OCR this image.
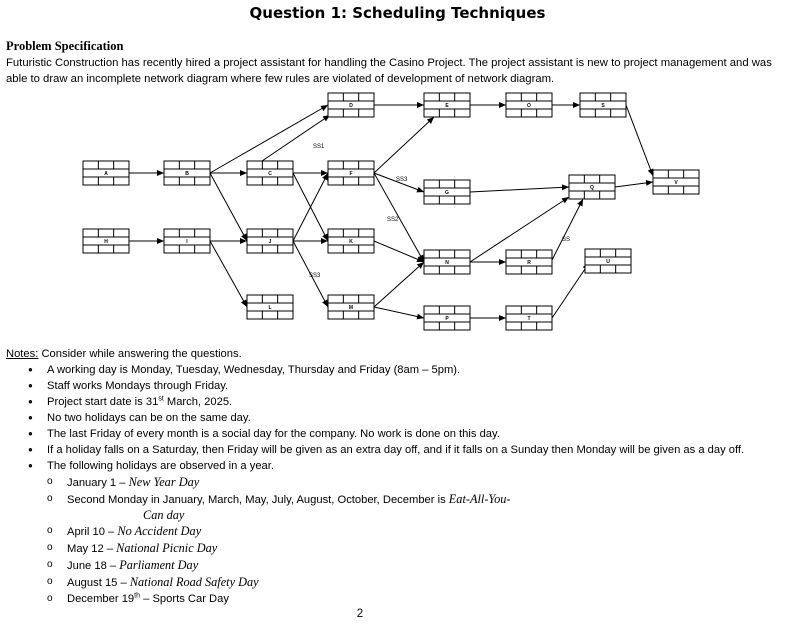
Question 1: Scheduling Techniques
Problem Specification
Futuristic Construction has recently hired a project assistant for handling the Casino Project. The project assistant is new to project management and was able to draw an incomplete network diagram where few rules are violated of development of network diagram.
A	B	C
D	E
F
G
H	I	J	K
L	M
N
O
P
Q
R
S
T
U
V
SS1
SS2
SS3
SS3
SS
Notes: Consider while answering the questions.
● A working day is Monday, Tuesday, Wednesday, Thursday and Friday (8am – 5pm).
● Staff works Mondays through Friday.
● Project start date is 31st March, 2025.
● No two holidays can be on the same day.
● The last Friday of every month is a social day for the company. No work is done on this day.
● If a holiday falls on a Saturday, then Friday will be given as an extra day off, and if it falls on a Sunday then Monday will be given as a day off.
● The following holidays are observed in a year.
o January 1 – New Year Day
o Second Monday in January, March, May, July, August, October, December is Eat-All-You-
Can day
o April 10 – No Accident Day
o May 12 – National Picnic Day
o June 18 – Parliament Day
o August 15 – National Road Safety Day
o December 19th – Sports Car Day
2
